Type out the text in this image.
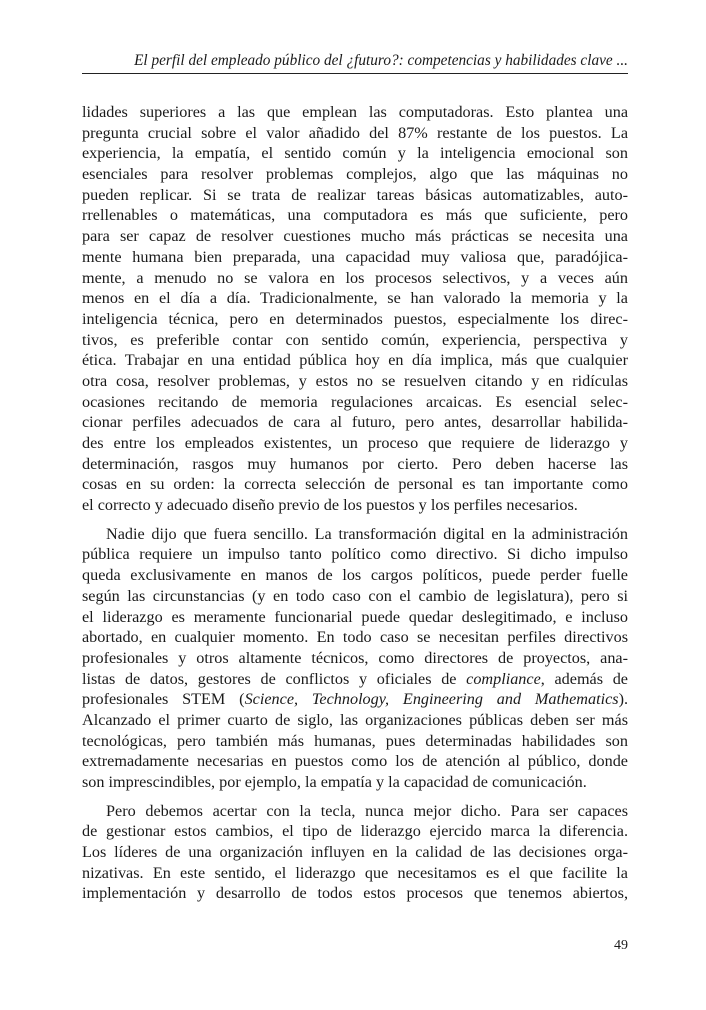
El perfil del empleado público del ¿futuro?: competencias y habilidades clave ...
lidades superiores a las que emplean las computadoras. Esto plantea una
pregunta crucial sobre el valor añadido del 87% restante de los puestos. La
experiencia, la empatía, el sentido común y la inteligencia emocional son
esenciales para resolver problemas complejos, algo que las máquinas no
pueden replicar. Si se trata de realizar tareas básicas automatizables, auto-
rrellenables o matemáticas, una computadora es más que suficiente, pero
para ser capaz de resolver cuestiones mucho más prácticas se necesita una
mente humana bien preparada, una capacidad muy valiosa que, paradójica-
mente, a menudo no se valora en los procesos selectivos, y a veces aún
menos en el día a día. Tradicionalmente, se han valorado la memoria y la
inteligencia técnica, pero en determinados puestos, especialmente los direc-
tivos, es preferible contar con sentido común, experiencia, perspectiva y
ética. Trabajar en una entidad pública hoy en día implica, más que cualquier
otra cosa, resolver problemas, y estos no se resuelven citando y en ridículas
ocasiones recitando de memoria regulaciones arcaicas. Es esencial selec-
cionar perfiles adecuados de cara al futuro, pero antes, desarrollar habilida-
des entre los empleados existentes, un proceso que requiere de liderazgo y
determinación, rasgos muy humanos por cierto. Pero deben hacerse las
cosas en su orden: la correcta selección de personal es tan importante como
el correcto y adecuado diseño previo de los puestos y los perfiles necesarios.
Nadie dijo que fuera sencillo. La transformación digital en la administración
pública requiere un impulso tanto político como directivo. Si dicho impulso
queda exclusivamente en manos de los cargos políticos, puede perder fuelle
según las circunstancias (y en todo caso con el cambio de legislatura), pero si
el liderazgo es meramente funcionarial puede quedar deslegitimado, e incluso
abortado, en cualquier momento. En todo caso se necesitan perfiles directivos
profesionales y otros altamente técnicos, como directores de proyectos, ana-
listas de datos, gestores de conflictos y oficiales de compliance, además de
profesionales STEM (Science, Technology, Engineering and Mathematics).
Alcanzado el primer cuarto de siglo, las organizaciones públicas deben ser más
tecnológicas, pero también más humanas, pues determinadas habilidades son
extremadamente necesarias en puestos como los de atención al público, donde
son imprescindibles, por ejemplo, la empatía y la capacidad de comunicación.
Pero debemos acertar con la tecla, nunca mejor dicho. Para ser capaces
de gestionar estos cambios, el tipo de liderazgo ejercido marca la diferencia.
Los líderes de una organización influyen en la calidad de las decisiones orga-
nizativas. En este sentido, el liderazgo que necesitamos es el que facilite la
implementación y desarrollo de todos estos procesos que tenemos abiertos,
49
